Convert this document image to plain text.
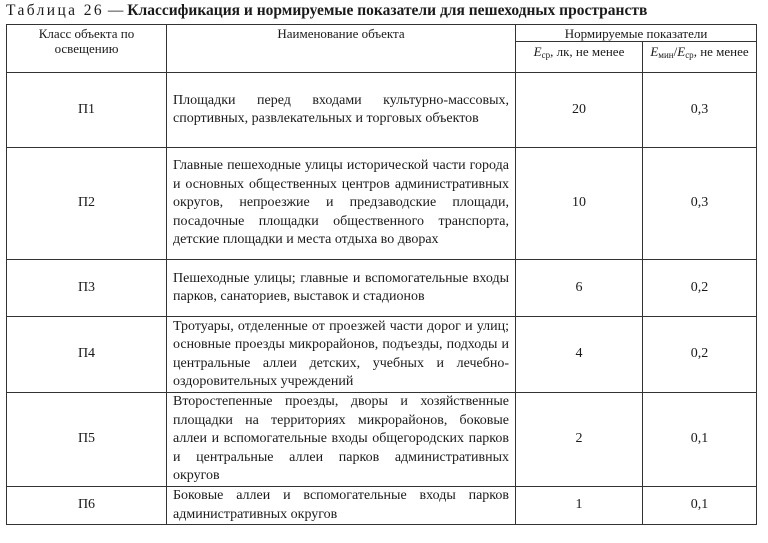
Таблица 26 — Классификация и нормируемые показатели для пешеходных пространств
Класс объекта по освещению	Наименование объекта	Нормируемые показатели	
		$E_{ср}$, лк, не менее	$E_{мин}/E_{ср}$, не менее
П1	Площадки перед входами культурно-массовых, спортивных, развлекательных и торговых объектов	20	0,3
П2	Главные пешеходные улицы исторической части города и основных общественных центров административных округов, непроезжие и предзаводские площади, посадочные площадки общественного транспорта, детские площадки и места отдыха во дворах	10	0,3
П3	Пешеходные улицы; главные и вспомогательные входы парков, санаториев, выставок и стадионов	6	0,2
П4	Тротуары, отделенные от проезжей части дорог и улиц; основные проезды микрорайонов, подъезды, подходы и центральные аллеи детских, учебных и лечебно-оздоровительных учреждений	4	0,2
П5	Второстепенные проезды, дворы и хозяйственные площадки на территориях микрорайонов, боковые аллеи и вспомогательные входы общегородских парков и центральные аллеи парков административных округов	2	0,1
П6	Боковые аллеи и вспомогательные входы парков административных округов	1	0,1
